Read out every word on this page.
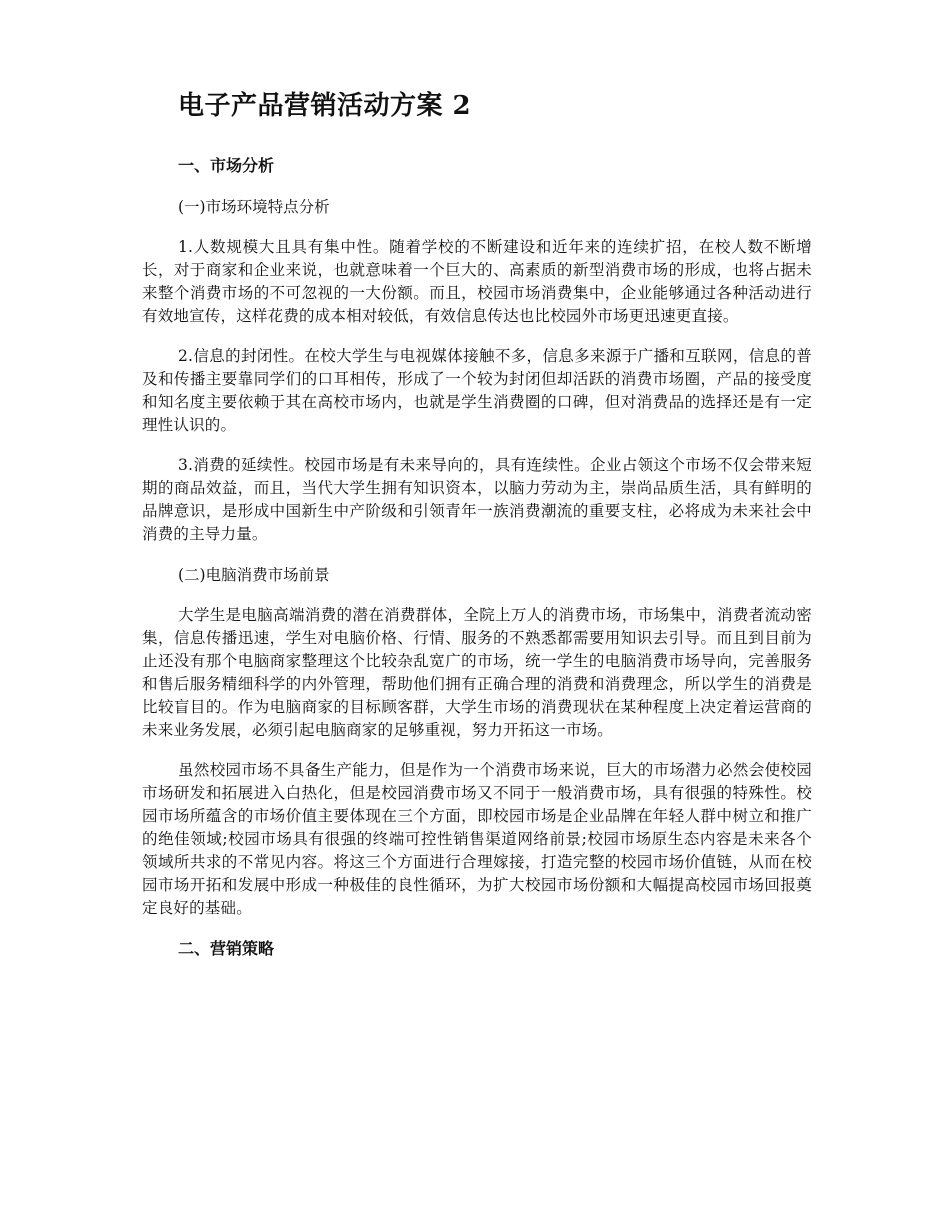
电子产品营销活动方案 2
一、市场分析

(一)市场环境特点分析

1.人数规模大且具有集中性。随着学校的不断建设和近年来的连续扩招，在校人数不断增长，对于商家和企业来说，也就意味着一个巨大的、高素质的新型消费市场的形成，也将占据未来整个消费市场的不可忽视的一大份额。而且，校园市场消费集中，企业能够通过各种活动进行有效地宣传，这样花费的成本相对较低，有效信息传达也比校园外市场更迅速更直接。

2.信息的封闭性。在校大学生与电视媒体接触不多，信息多来源于广播和互联网，信息的普及和传播主要靠同学们的口耳相传，形成了一个较为封闭但却活跃的消费市场圈，产品的接受度和知名度主要依赖于其在高校市场内，也就是学生消费圈的口碑，但对消费品的选择还是有一定理性认识的。

3.消费的延续性。校园市场是有未来导向的，具有连续性。企业占领这个市场不仅会带来短期的商品效益，而且，当代大学生拥有知识资本，以脑力劳动为主，崇尚品质生活，具有鲜明的品牌意识，是形成中国新生中产阶级和引领青年一族消费潮流的重要支柱，必将成为未来社会中消费的主导力量。

(二)电脑消费市场前景

大学生是电脑高端消费的潜在消费群体，全院上万人的消费市场，市场集中，消费者流动密集，信息传播迅速，学生对电脑价格、行情、服务的不熟悉都需要用知识去引导。而且到目前为止还没有那个电脑商家整理这个比较杂乱宽广的市场，统一学生的电脑消费市场导向，完善服务和售后服务精细科学的内外管理，帮助他们拥有正确合理的消费和消费理念，所以学生的消费是比较盲目的。作为电脑商家的目标顾客群，大学生市场的消费现状在某种程度上决定着运营商的未来业务发展，必须引起电脑商家的足够重视，努力开拓这一市场。

虽然校园市场不具备生产能力，但是作为一个消费市场来说，巨大的市场潜力必然会使校园市场研发和拓展进入白热化，但是校园消费市场又不同于一般消费市场，具有很强的特殊性。校园市场所蕴含的市场价值主要体现在三个方面，即校园市场是企业品牌在年轻人群中树立和推广的绝佳领域;校园市场具有很强的终端可控性销售渠道网络前景;校园市场原生态内容是未来各个领域所共求的不常见内容。将这三个方面进行合理嫁接，打造完整的校园市场价值链，从而在校园市场开拓和发展中形成一种极佳的良性循环，为扩大校园市场份额和大幅提高校园市场回报奠定良好的基础。

二、营销策略
